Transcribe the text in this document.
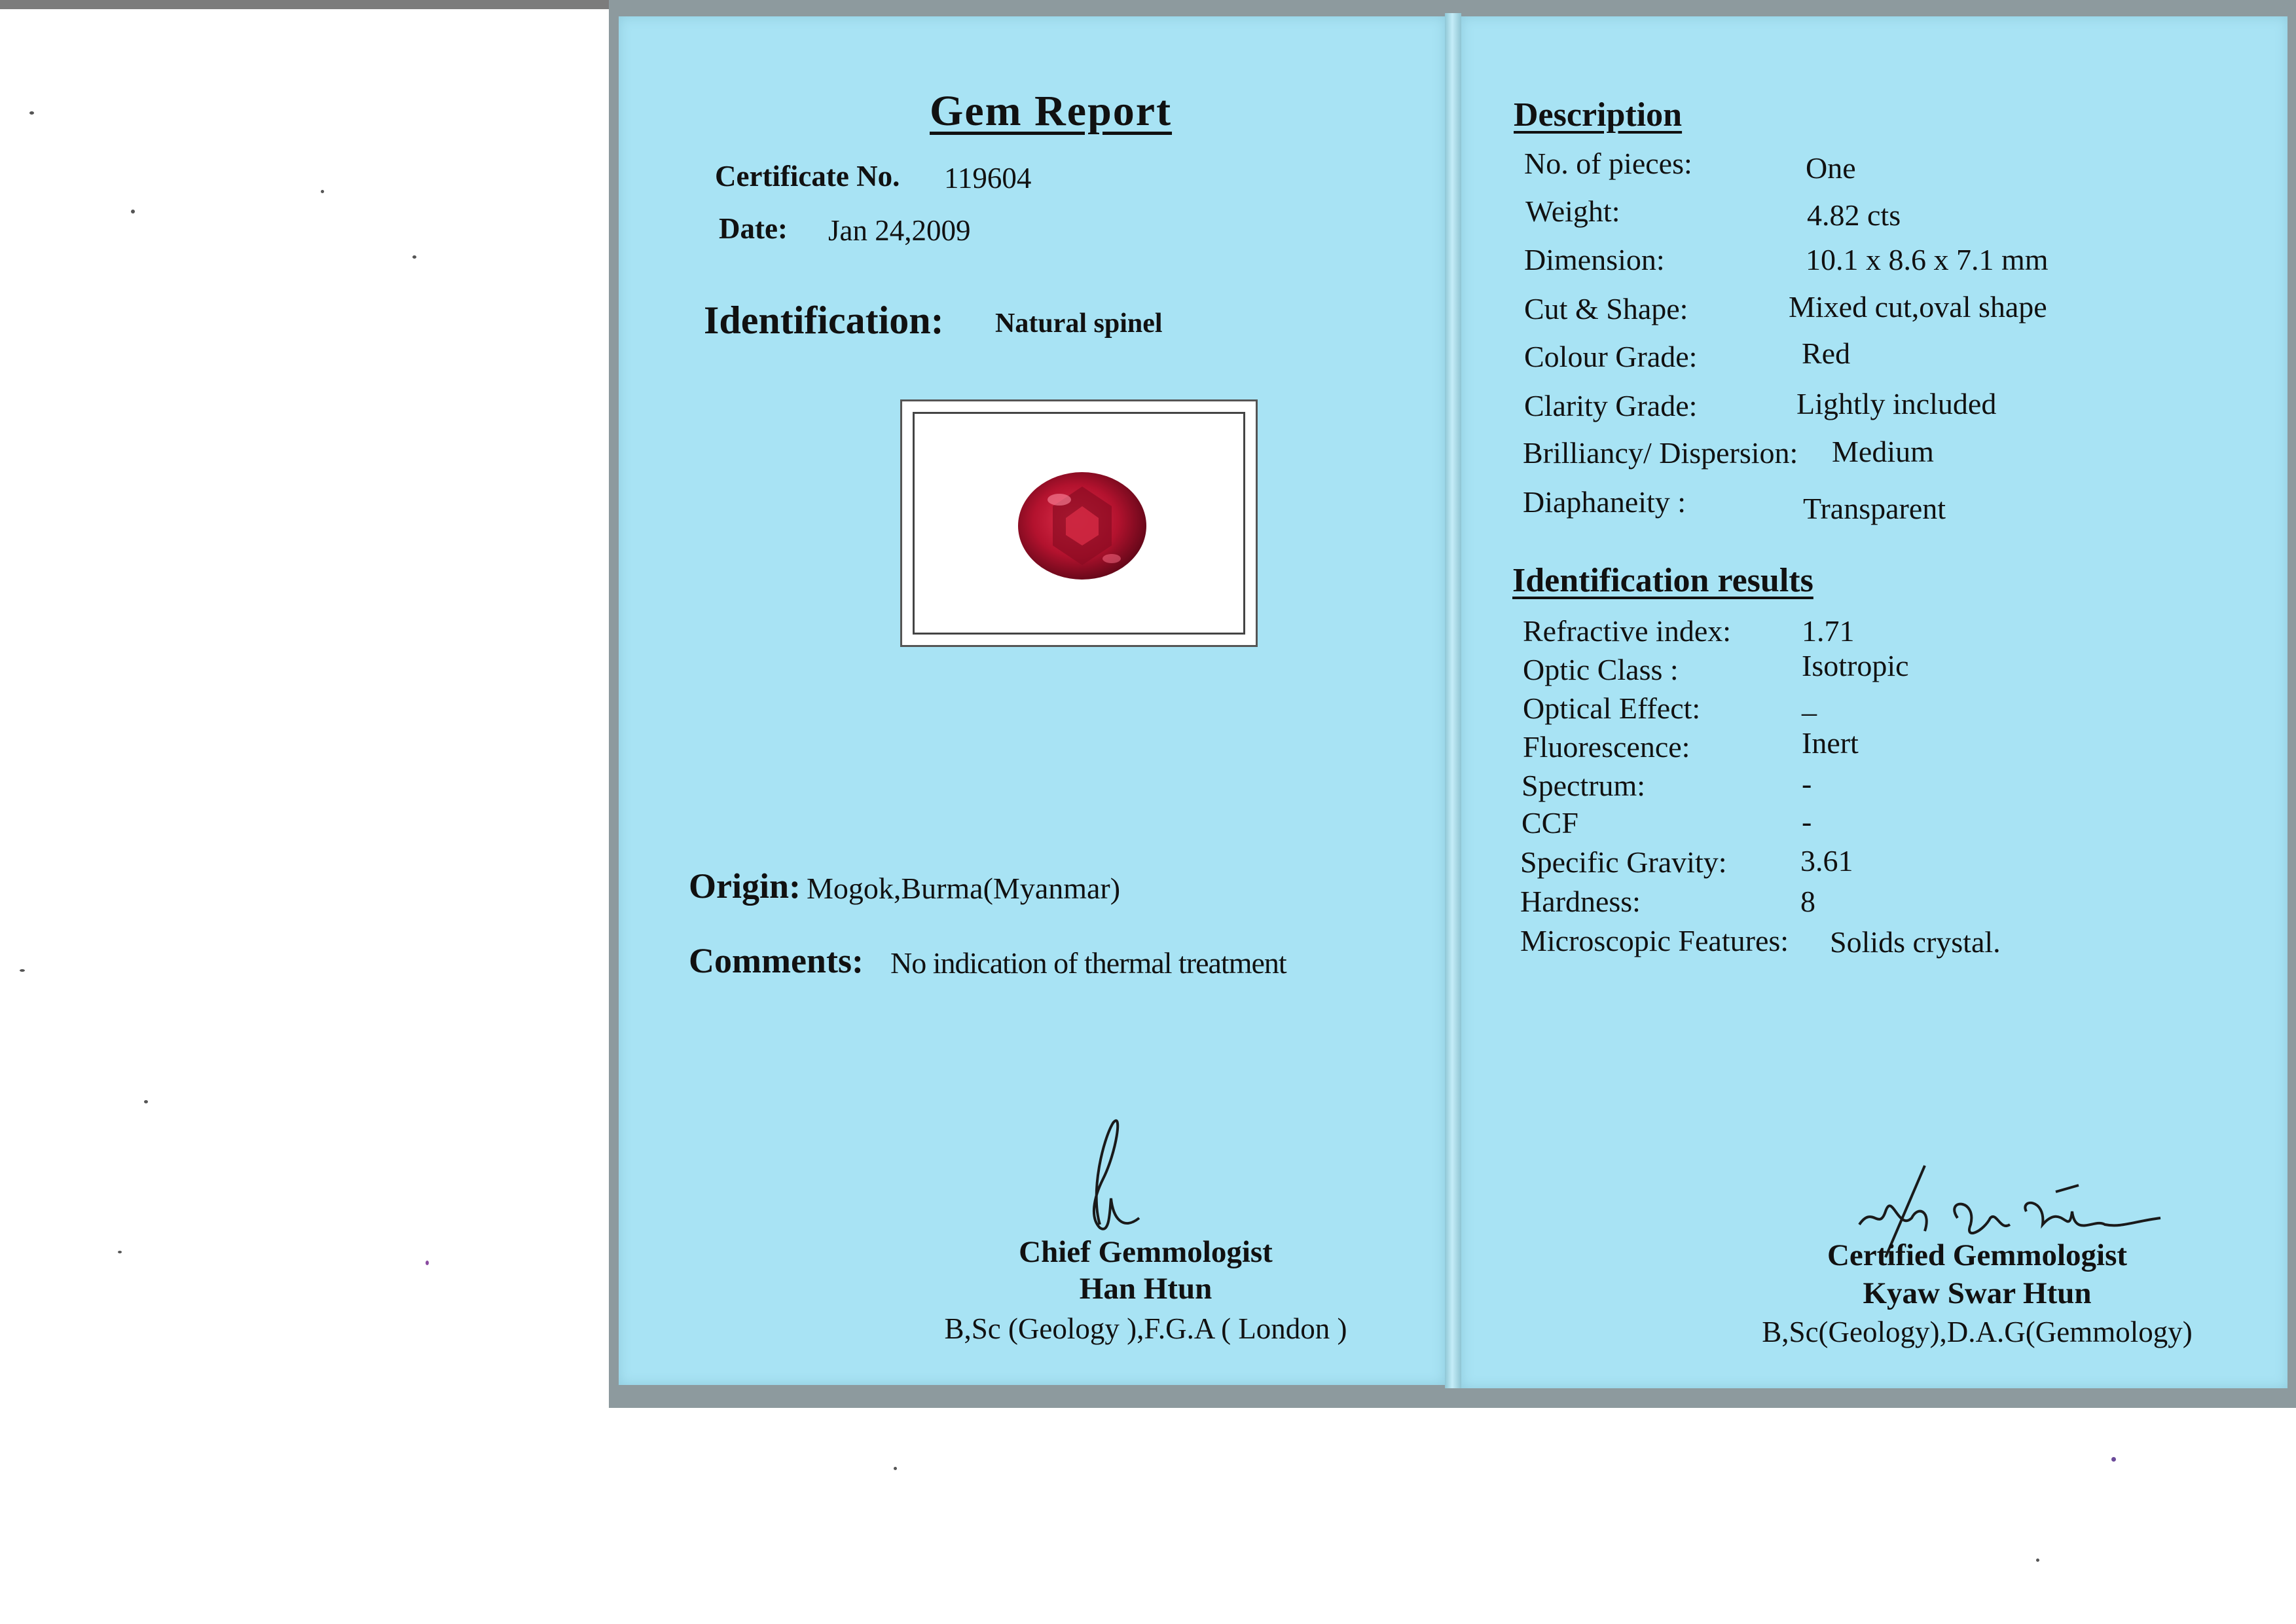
Gem Report
Certificate No. 119604
Date: Jan 24,2009
Identification: Natural spinel
Origin: Mogok,Burma(Myanmar)
Comments: No indication of thermal treatment
Chief Gemmologist
Han Htun
B,Sc (Geology ),F.G.A ( London )
Description
No. of pieces:	One
Weight:	4.82 cts
Dimension:	10.1 x 8.6 x 7.1 mm
Cut & Shape:	Mixed cut,oval shape
Colour Grade:	Red
Clarity Grade:	Lightly included
Brilliancy/ Dispersion: Medium
Diaphaneity :	Transparent
Identification results
Refractive index: 1.71
Optic Class :	Isotropic
Optical Effect:	_
Fluorescence:	Inert
Spectrum:	-
CCF	-
Specific Gravity: 3.61
Hardness:	8
Microscopic Features: Solids crystal.
Certified Gemmologist
Kyaw Swar Htun
B,Sc(Geology),D.A.G(Gemmology)
